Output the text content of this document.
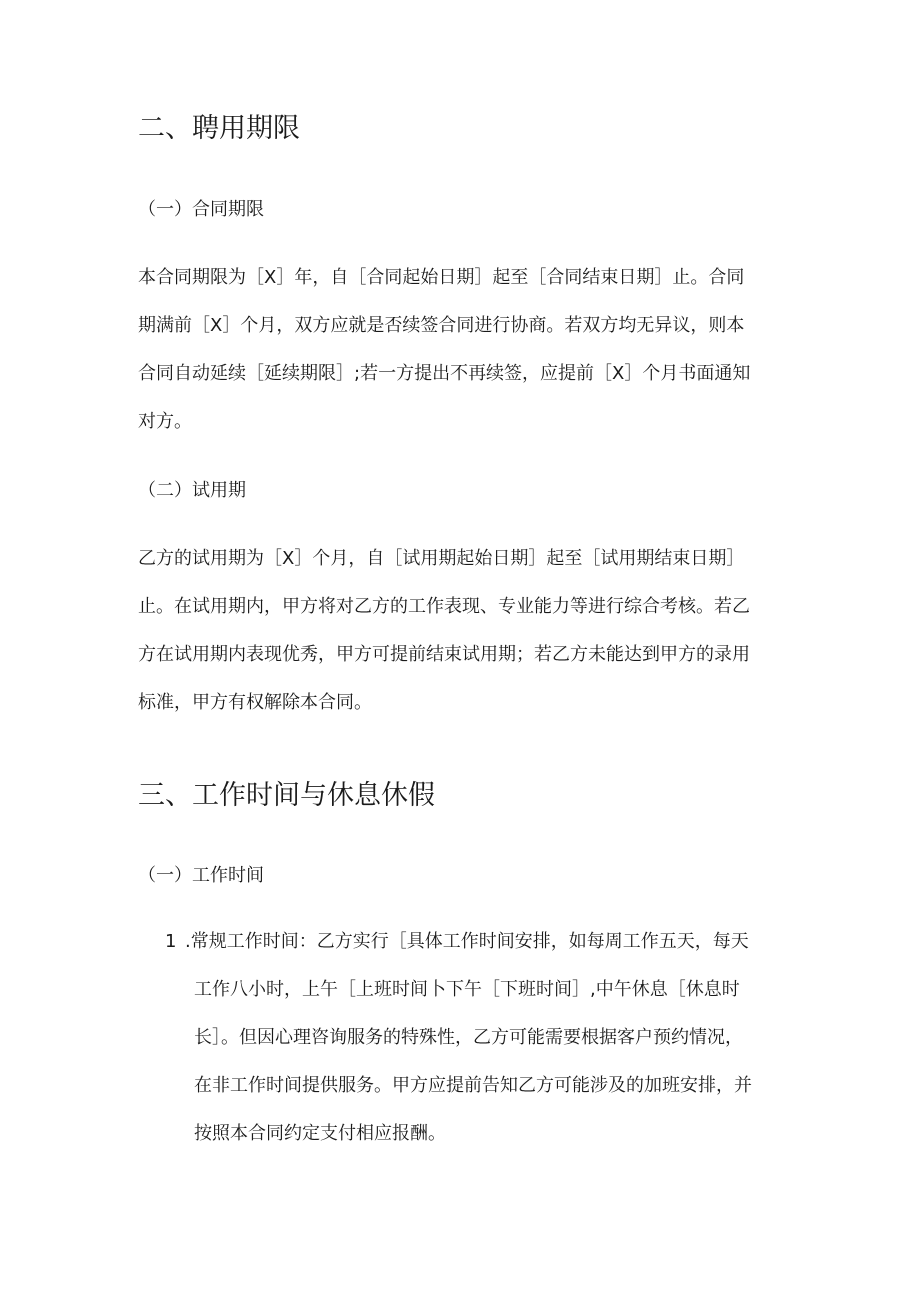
二、聘用期限
（一）合同期限
本合同期限为［X］年，自［合同起始日期］起至［合同结束日期］止。合同
期满前［X］个月，双方应就是否续签合同进行协商。若双方均无异议，则本
合同自动延续［延续期限］;若一方提出不再续签，应提前［X］个月书面通知
对方。
（二）试用期
乙方的试用期为［X］个月，自［试用期起始日期］起至［试用期结束日期］
止。在试用期内，甲方将对乙方的工作表现、专业能力等进行综合考核。若乙
方在试用期内表现优秀，甲方可提前结束试用期；若乙方未能达到甲方的录用
标准，甲方有权解除本合同。
三、工作时间与休息休假
（一）工作时间
1 .常规工作时间：乙方实行［具体工作时间安排，如每周工作五天，每天
工作八小时，上午［上班时间卜下午［下班时间］,中午休息［休息时
长］。但因心理咨询服务的特殊性，乙方可能需要根据客户预约情况，
在非工作时间提供服务。甲方应提前告知乙方可能涉及的加班安排，并
按照本合同约定支付相应报酬。
